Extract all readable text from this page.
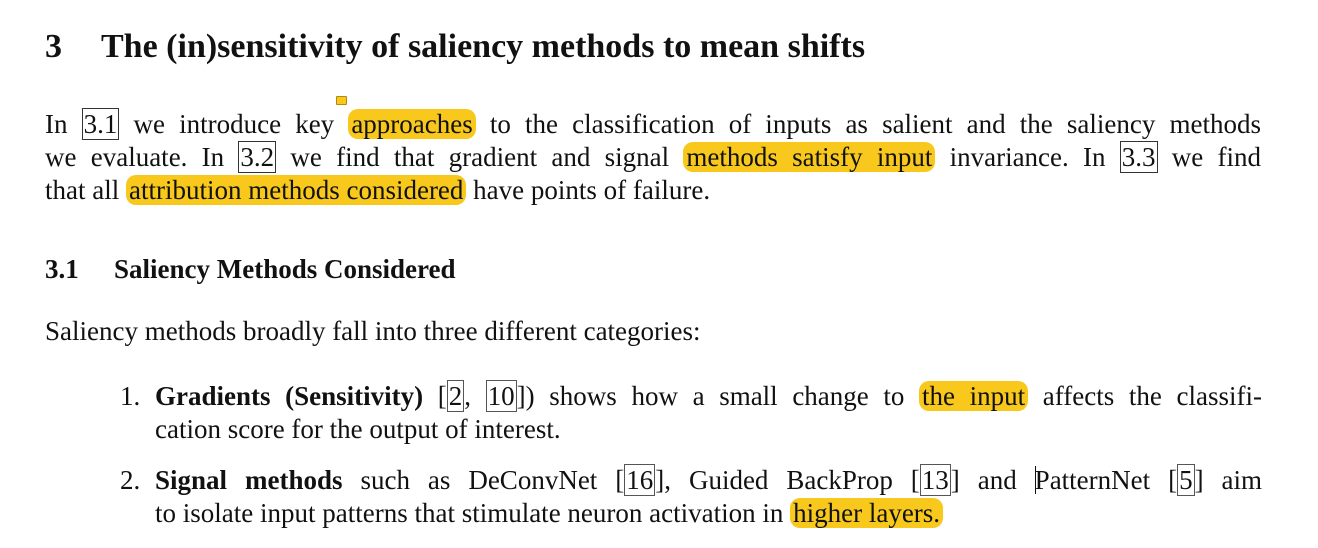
3 The (in)sensitivity of saliency methods to mean shifts

In 3.1 we introduce key approaches to the classification of inputs as salient and the saliency methods
we evaluate. In 3.2 we find that gradient and signal methods satisfy input invariance. In 3.3 we find
that all attribution methods considered have points of failure.

3.1 Saliency Methods Considered

Saliency methods broadly fall into three different categories:

1. Gradients (Sensitivity) [2, 10]) shows how a small change to the input affects the classifi-
cation score for the output of interest.
2. Signal methods such as DeConvNet [16], Guided BackProp [13] and PatternNet [5] aim
to isolate input patterns that stimulate neuron activation in higher layers.
